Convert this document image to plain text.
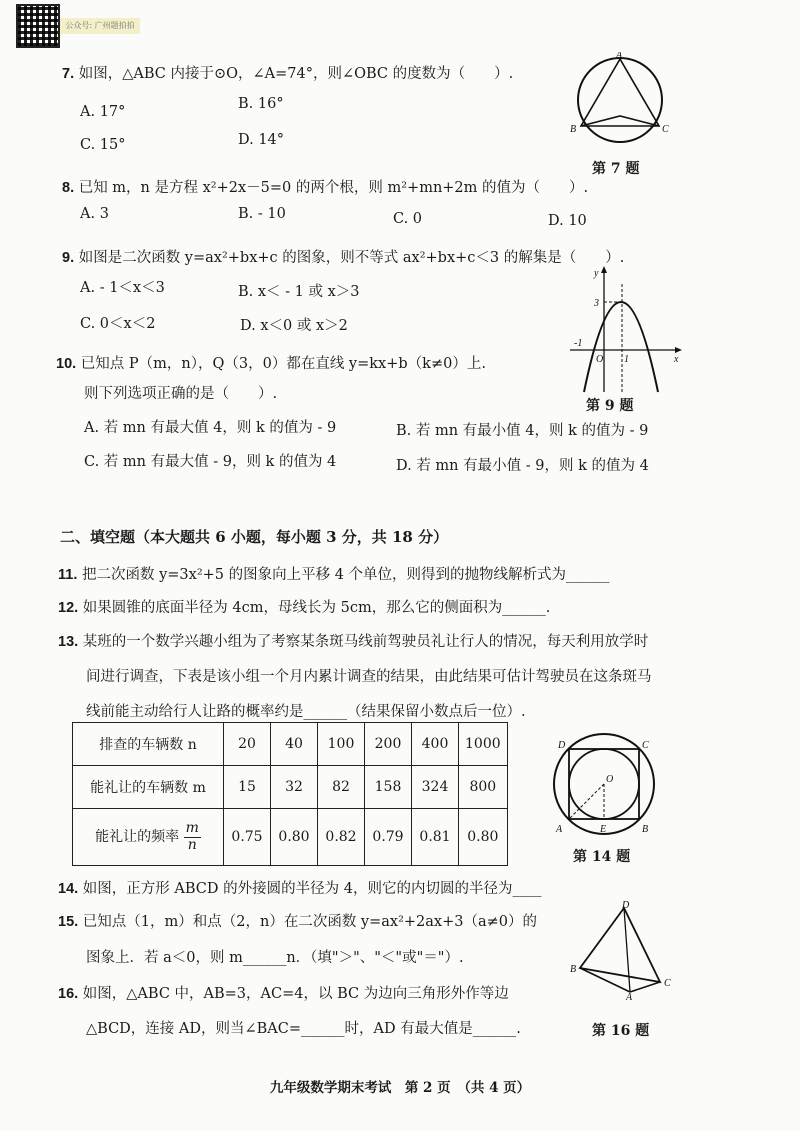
公众号: 广州题拍拍
7. 如图，△ABC 内接于⊙O，∠A=74°，则∠OBC 的度数为（　　）.
A. 17°	B. 16°
C. 15°	D. 14°
A
B	C
第 7 题
8. 已知 m，n 是方程 x²+2x－5=0 的两个根，则 m²+mn+2m 的值为（　　）.
A. 3	B. - 10	C. 0	D. 10
9. 如图是二次函数 y=ax²+bx+c 的图象，则不等式 ax²+bx+c＜3 的解集是（　　）.
A. - 1＜x＜3	B. x＜ - 1 或 x＞3
C. 0＜x＜2	D. x＜0 或 x＞2
y
3
-1
O 1	x
第 9 题
10. 已知点 P（m，n），Q（3，0）都在直线 y=kx+b（k≠0）上.
则下列选项正确的是（　　）.
A. 若 mn 有最大值 4，则 k 的值为 - 9	B. 若 mn 有最小值 4，则 k 的值为 - 9
C. 若 mn 有最大值 - 9，则 k 的值为 4	D. 若 mn 有最小值 - 9，则 k 的值为 4
二、填空题（本大题共 6 小题，每小题 3 分，共 18 分）
11. 把二次函数 y=3x²+5 的图象向上平移 4 个单位，则得到的抛物线解析式为______
12. 如果圆锥的底面半径为 4cm，母线长为 5cm，那么它的侧面积为______.
13. 某班的一个数学兴趣小组为了考察某条斑马线前驾驶员礼让行人的情况，每天利用放学时
间进行调查，下表是该小组一个月内累计调查的结果，由此结果可估计驾驶员在这条斑马
线前能主动给行人让路的概率约是______（结果保留小数点后一位）.
排查的车辆数 n	20	40	100	200	400	1000
能礼让的车辆数 m	15	32	82	158	324	800
能礼让的频率 $\frac{m}{n}$	0.75	0.80	0.82	0.79	0.81	0.80
D	C
O
A	E	B
第 14 题
14. 如图，正方形 ABCD 的外接圆的半径为 4，则它的内切圆的半径为____
15. 已知点（1，m）和点（2，n）在二次函数 y=ax²+2ax+3（a≠0）的
图象上．若 a＜0，则 m______n．（填"＞"、"＜"或"＝"）.
16. 如图，△ABC 中，AB=3，AC=4，以 BC 为边向三角形外作等边
△BCD，连接 AD，则当∠BAC=______时，AD 有最大值是______.
D
B
C
A
第 16 题
九年级数学期末考试　第 2 页　（共 4 页）
